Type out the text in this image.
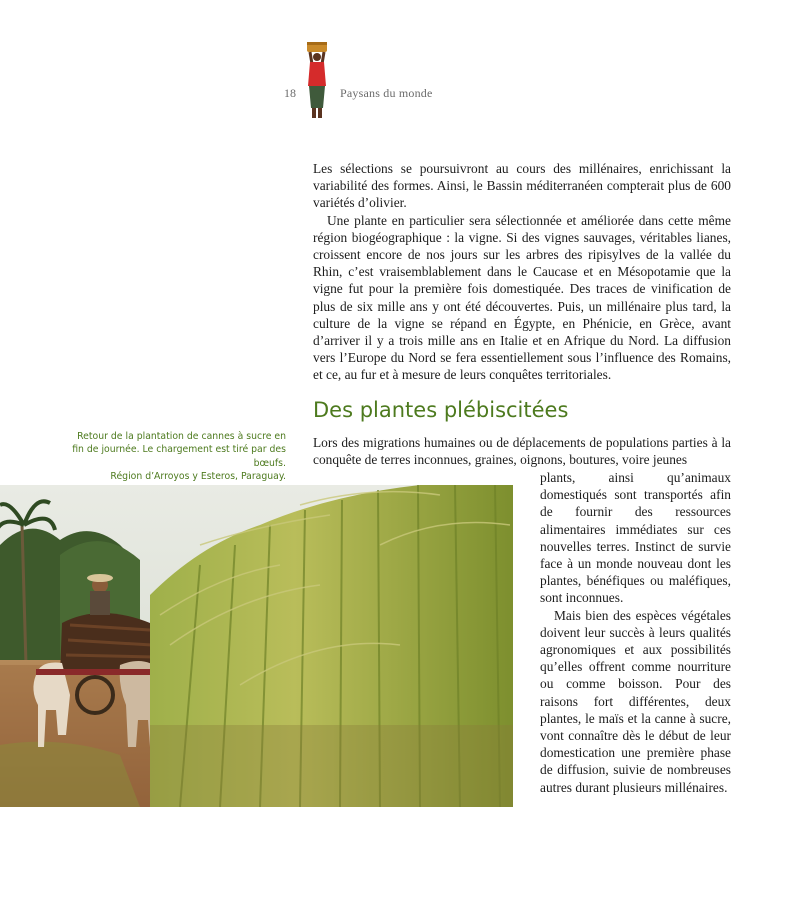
18	Paysans du monde

Les sélections se poursuivront au cours des millénaires, enrichissant la variabilité des formes. Ainsi, le Bassin méditerranéen compterait plus de 600 variétés d’olivier.

Une plante en particulier sera sélectionnée et améliorée dans cette même région biogéographique : la vigne. Si des vignes sauvages, véritables lianes, croissent encore de nos jours sur les arbres des ripisylves de la vallée du Rhin, c’est vraisemblablement dans le Caucase et en Mésopotamie que la vigne fut pour la première fois domestiquée. Des traces de vinification de plus de six mille ans y ont été découvertes. Puis, un millénaire plus tard, la culture de la vigne se répand en Égypte, en Phénicie, en Grèce, avant d’arriver il y a trois mille ans en Italie et en Afrique du Nord. La diffusion vers l’Europe du Nord se fera essentiellement sous l’influence des Romains, et ce, au fur et à mesure de leurs conquêtes territoriales.

Des plantes plébiscitées
Retour de la plantation de cannes à sucre en fin de journée. Le chargement est tiré par des bœufs.
Région d’Arroyos y Esteros, Paraguay.

Lors des migrations humaines ou de déplacements de populations parties à la conquête de terres inconnues, graines, oignons, boutures, voire jeunes

plants, ainsi qu’animaux domestiqués sont transportés afin de fournir des ressources alimentaires immédiates sur ces nouvelles terres. Instinct de survie face à un monde nouveau dont les plantes, bénéfiques ou maléfiques, sont inconnues.

Mais bien des espèces végétales doivent leur succès à leurs qualités agronomiques et aux possibilités qu’elles offrent comme nourriture ou comme boisson. Pour des raisons fort différentes, deux plantes, le maïs et la canne à sucre, vont connaître dès le début de leur domestication une première phase de diffusion, suivie de nombreuses autres durant plusieurs millénaires.
